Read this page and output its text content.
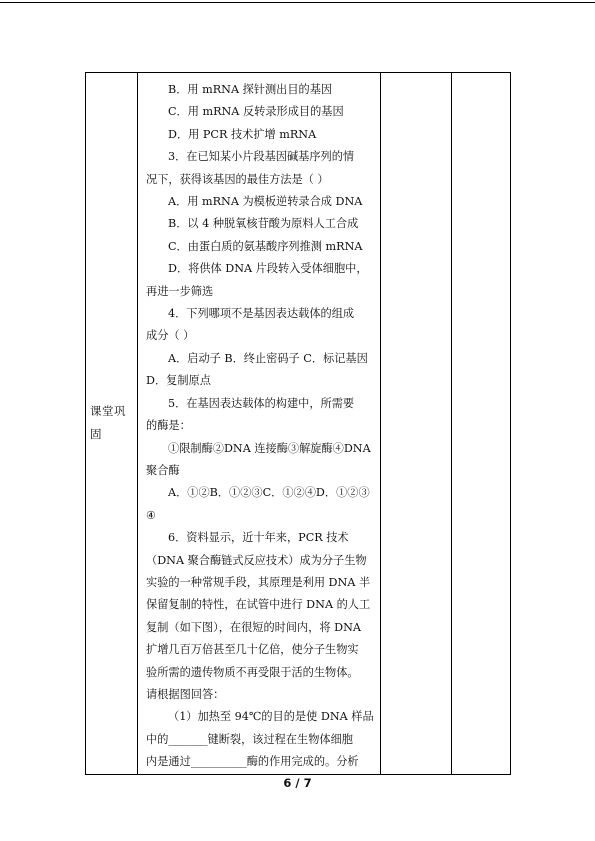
课堂巩固	
B．用 mRNA 探针测出目的基因
C．用 mRNA 反转录形成目的基因
D．用 PCR 技术扩增 mRNA
3．在已知某小片段基因碱基序列的情
况下，获得该基因的最佳方法是（ ）
A．用 mRNA 为模板逆转录合成 DNA
B．以 4 种脱氧核苷酸为原料人工合成
C．由蛋白质的氨基酸序列推测 mRNA
D．将供体 DNA 片段转入受体细胞中，
再进一步筛选
4．下列哪项不是基因表达载体的组成
成分（ ）
A．启动子 B．终止密码子 C．标记基因
D．复制原点
5．在基因表达载体的构建中，所需要
的酶是：
①限制酶②DNA 连接酶③解旋酶④DNA
聚合酶
A．①②B．①②③C．①②④D．①②③
④
6．资料显示，近十年来，PCR 技术
（DNA 聚合酶链式反应技术）成为分子生物
实验的一种常规手段，其原理是利用 DNA 半
保留复制的特性，在试管中进行 DNA 的人工
复制（如下图），在很短的时间内，将 DNA
扩增几百万倍甚至几十亿倍，使分子生物实
验所需的遗传物质不再受限于活的生物体。
请根据图回答：
（1）加热至 94℃的目的是使 DNA 样品
中的_______键断裂，该过程在生物体细胞
内是通过__________酶的作用完成的。分析

6 / 7
